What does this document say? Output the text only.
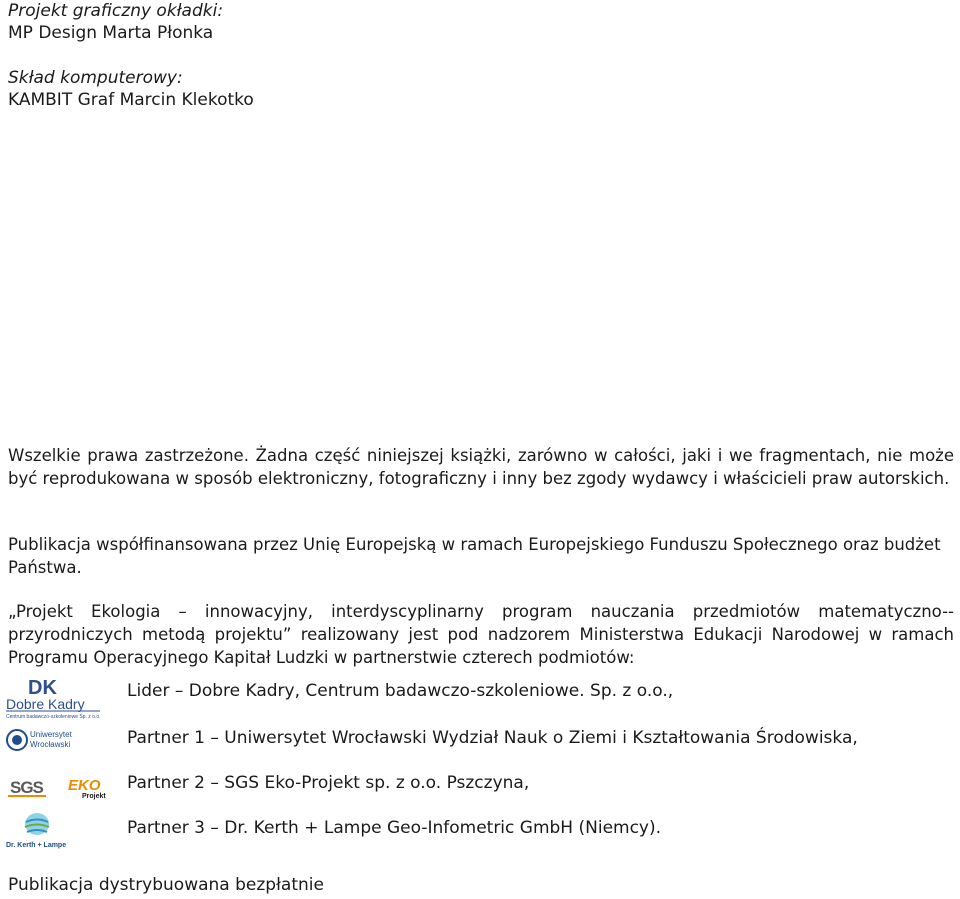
Projekt graficzny okładki:
MP Design Marta Płonka
Skład komputerowy:
KAMBIT Graf Marcin Klekotko
Wszelkie prawa zastrzeżone. Żadna część niniejszej książki, zarówno w całości, jaki i we fragmentach, nie może być reprodukowana w sposób elektroniczny, fotograficzny i inny bez zgody wydawcy i właścicieli praw autorskich.
Publikacja współfinansowana przez Unię Europejską w ramach Europejskiego Funduszu Społecznego oraz budżet Państwa.
„Projekt Ekologia – innowacyjny, interdyscyplinarny program nauczania przedmiotów matematyczno--przyrodniczych metodą projektu” realizowany jest pod nadzorem Ministerstwa Edukacji Narodowej w ramach Programu Operacyjnego Kapitał Ludzki w partnerstwie czterech podmiotów:
DK
Dobre Kadry
Centrum badawczo-szkoleniowe Sp. z o.o.
Lider – Dobre Kadry, Centrum badawczo-szkoleniowe. Sp. z o.o.,
Uniwersytet
Wrocławski	Partner 1 – Uniwersytet Wrocławski Wydział Nauk o Ziemi i Kształtowania Środowiska,
SGS EKO
Projekt
Partner 2 – SGS Eko-Projekt sp. z o.o. Pszczyna,
Dr. Kerth + Lampe
Partner 3 – Dr. Kerth + Lampe Geo-Infometric GmbH (Niemcy).
Publikacja dystrybuowana bezpłatnie
